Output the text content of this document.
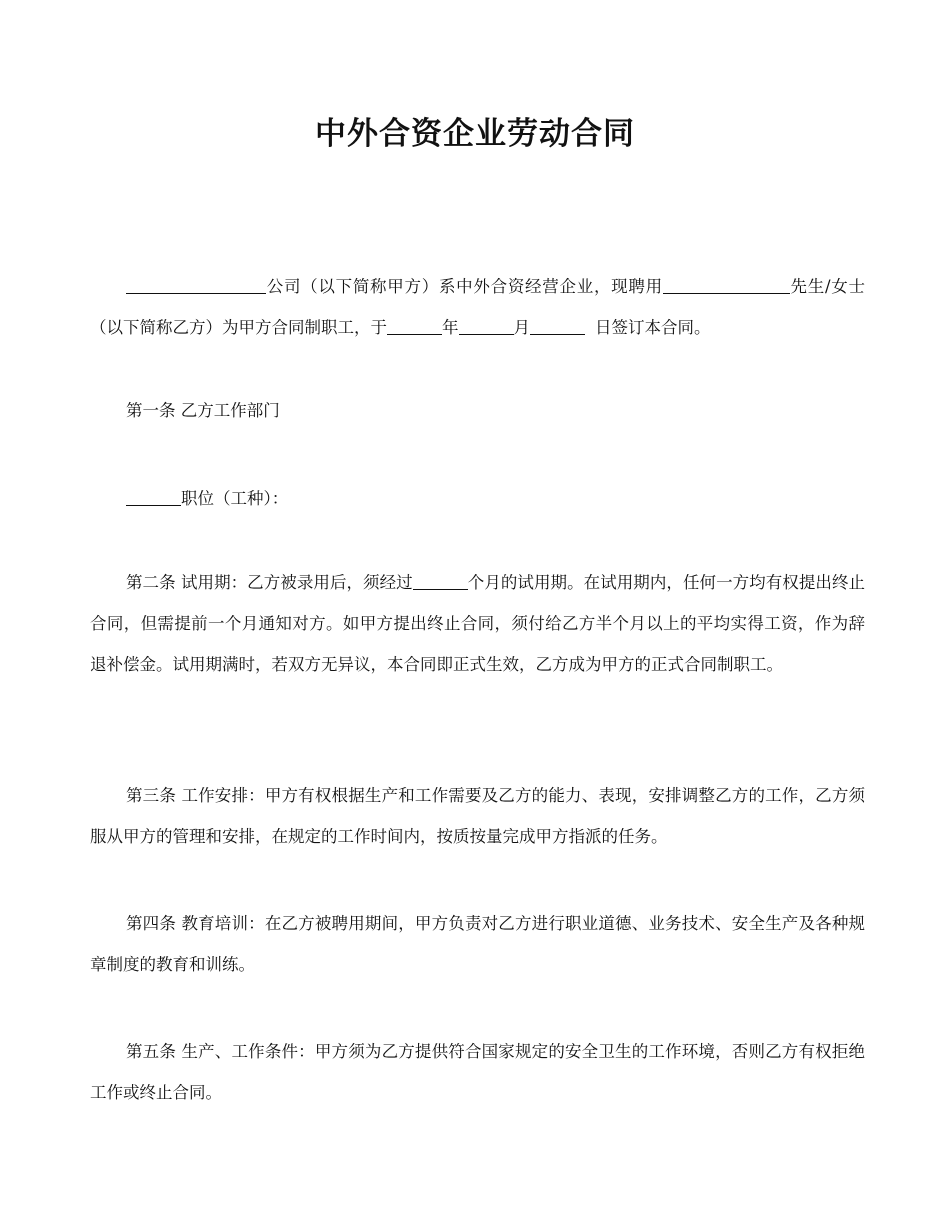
中外合资企业劳动合同
公司（以下简称甲方）系中外合资经营企业，现聘用	先生/女士（以下简称乙方）为甲方合同制职工，于	年	月	日签订本合同。
第一条 乙方工作部门
职位（工种）：
第二条 试用期：乙方被录用后，须经过	个月的试用期。在试用期内，任何一方均有权提出终止合同，但需提前一个月通知对方。如甲方提出终止合同，须付给乙方半个月以上的平均实得工资，作为辞退补偿金。试用期满时，若双方无异议，本合同即正式生效，乙方成为甲方的正式合同制职工。
第三条 工作安排：甲方有权根据生产和工作需要及乙方的能力、表现，安排调整乙方的工作，乙方须服从甲方的管理和安排，在规定的工作时间内，按质按量完成甲方指派的任务。
第四条 教育培训：在乙方被聘用期间，甲方负责对乙方进行职业道德、业务技术、安全生产及各种规章制度的教育和训练。
第五条 生产、工作条件：甲方须为乙方提供符合国家规定的安全卫生的工作环境，否则乙方有权拒绝工作或终止合同。
